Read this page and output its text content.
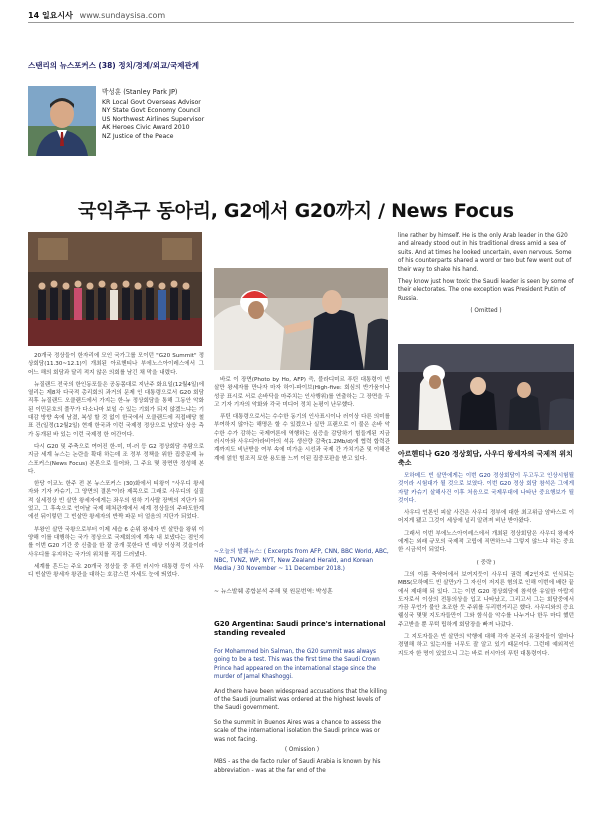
14 일요시사 www.sundaysisa.com
스탠리의 뉴스포커스 (38) 정치/경제/외교/국제관계
박성훈 (Stanley Park JP)
KR Local Govt Overseas Advisor
NY State Govt Economy Council
US Northwest Airlines Supervisor
AK Heroes Civic Award 2010
NZ Justice of the Peace
국익추구 동아리, G2에서 G20까지 / News Focus

20개국 정상들이 한자리에 모인 국가그룹 모이던 "G20 Summit" 정상회담(11.30~12.1)이 개최된 아르헨티나 부에노스아이레스에서 그 어느 해의 회담과 달리 적지 않은 의회를 남긴 채 막을 내렸다.

뉴질랜드 전국의 한인동포들은 공동몸대로 지난주 화요일(12월4일)에 열리는 제8차 다국적 총리회의 과거의 문제 인 대통령으로서 G20 회담 직후 뉴질랜드 오클랜드에서 가지는 한-뉴 정상회담을 통해 그동안 악화된 이민문호의 풀꾸가 다소나마 보일 수 있는 기회가 되지 않겠느냐는 기대감 방향 속에 남겼, 복성 할 것 없이 한국에서 오클랜드에 직접배당 철표 건(일정(12월2일) 현재 한국과 이런 국제정 정상으로 남았다 상응 측가 동개된 바 있는 이런 국제정 한 어간이다.

다시 G20 및 주축으로 여어진 한-미, 미-러 등 G2 정상회담 추탐으로 지금 세계 뉴스는 논란을 확대 하는데 조 정부 정책을 위한 집중문제 뉴스포커스(News Focus) 본론으로 들어와, 그 주요 몇 장면만 정성해 본다.

한당 이코노 한주 전 본 뉴스포커스 (30)화에서 티왕이 "사우디 왕세자와 기자 카슈기, 그 양면의 결론"이라 제목으로 그래로 사우디의 실질적 실세정상 빈 살만 왕세자에게는 좌우의 원하 기사랄 장벽의 지단가 되었고, 그 후속으로 언어날 국제 헤쳐관계에서 세계 정상들의 주파도한계에선 뒤이렇던 그 빈살만 왕세자의 반짝 파문 터 얼음의 지단가 되었다.

부왕인 살만 국왕으로부터 이제 세습 6 순위 왕세자 빈 살만을 왕위 이양해 이를 대행하는 국가 정상으로 국제회의에 계속 내 보냈다는 점인지를 이번 G20 기간 중 신출을 한 잘 공개 못한다 빈 예상 이상적 것을이라 사우디를 유지하는 국가의 위치를 직접 드러냈다.

세계를 흔드는 주요 20개국 정상들 중 푸틴 러시아 대통령 등이 사우디 빈살만 왕세자 왕관을 대하는 호감스런 자세도 눈에 띄었다.

바로 이 장면(Photo by Ho, AFP) 즉, 블라디미르 푸틴 대통령이 빈 살만 왕세자를 만나자 마자 하이-파이브(High-five: 회심의 반가움이나 성공 표시로 서로 손바닥을 마주치는 인사행위)를 연출하는 그 장면을 두고 기자 기자의 악화와 각국 미디어 정치 논평이 난무했다.

푸틴 대통령으로서는 수수한 동기의 인사표시이나 러이상 다른 의미를 부여하지 않아는 해명은 할 수 있겠으나 실만 프랜으로 이 불은 손바 악수한 수가 감하는 국제여론에 역행하는 심증을 감당하기 힘들게된 지금 러시아와 사우디아라비아의 석유 생산량 감축(1.2Mb/d)에 협력 합력관계까지도 비난받을 여부 속에 미가운 시선과 국제 간 가치기준 및 이해관계에 얽힌 힘조직 묘한 용도를 느끼 이된 집중포판을 받고 있다.

~오늘의 발췌뉴스: ( Excerpts from AFP, CNN, BBC World, ABC, NBC, TVNZ, WP, NYT, New Zealand Herald, and Korean Media / 30 November ~ 11 December 2018.)
~ 뉴스발췌 종합분석 주해 및 원문번역: 박성훈
G20 Argentina: Saudi prince's international standing revealed
For Mohammed bin Salman, the G20 summit was always going to be a test. This was the first time the Saudi Crown Prince had appeared on the international stage since the murder of Jamal Khashoggi.
And there have been widespread accusations that the killing of the Saudi journalist was ordered at the highest levels of the Saudi government.
So the summit in Buenos Aires was a chance to assess the scale of the international isolation the Saudi prince was or was not facing.
( Omission )
MBS - as the de facto ruler of Saudi Arabia is known by his abbreviation - was at the far end of the
line rather by himself. He is the only Arab leader in the G20 and already stood out in his traditional dress amid a sea of suits. And at times he looked uncertain, even nervous. Some of his counterparts shared a word or two but few went out of their way to shake his hand.
They know just how toxic the Saudi leader is seen by some of their electorates. The one exception was President Putin of Russia.
( Omitted )
아르헨티나 G20 정상회담, 사우디 왕세자의 국제적 위치 축소

모하메드 빈 살만에게는 이번 G20 정상회담이 두고두고 인상시험될 것이라 시험대가 될 것으로 보였다. 이번 G20 정상 회담 참석은 그에게 자말 카슈기 살해사건 이후 처음으로 국제무대에 나타난 중요행보가 될 것이다.

사우디 언론인 피살 사건은 사우디 정부에 대한 최고위급 암바스로 이어지게 됐고 그것이 세상에 널리 알려져 비난 받아왔다.

그래서 이번 부에노스아이레스에서 개최된 정상회담은 사우디 왕세자에게는 외래 규모의 국제적 고립에 직면하느냐 그렇지 않느냐 하는 중요한 시금석이 되었다.

( 중략 )

그의 이름 축약어에서 보여지듯이 사우디 권력 제2인자로 인식되는 MBS(모하메드 빈 살만)가 그 자신이 저지른 혐의로 인해 이번에 배란 끝에서 제대해 되 있다. 그는 이번 G20 정상회담에 참석한 유일한 아랍지도자로서 이상의 전통의상을 입고 나타났고, 그리고서 그는 회담중에서 가끔 무언가 불안 초조한 듯 주위를 두리번거리곤 했다. 사우디와의 증요 웰싱국 몇몇 지도자들만이 그와 함식을 악수를 나누거나 한두 마디 했던 주고받을 뿐 무턱 립하게 회담장을 빠져 나갔다.

그 지도자들은 빈 살만의 악행에 대해 각자 본국의 유권자들이 얼마나 경멸해 하고 있는지를 너무도 잘 알고 있기 때문이다. 그런데 예외적인 지도자 한 명이 있었으니 그는 바로 러시아의 푸틴 대통령이다.
